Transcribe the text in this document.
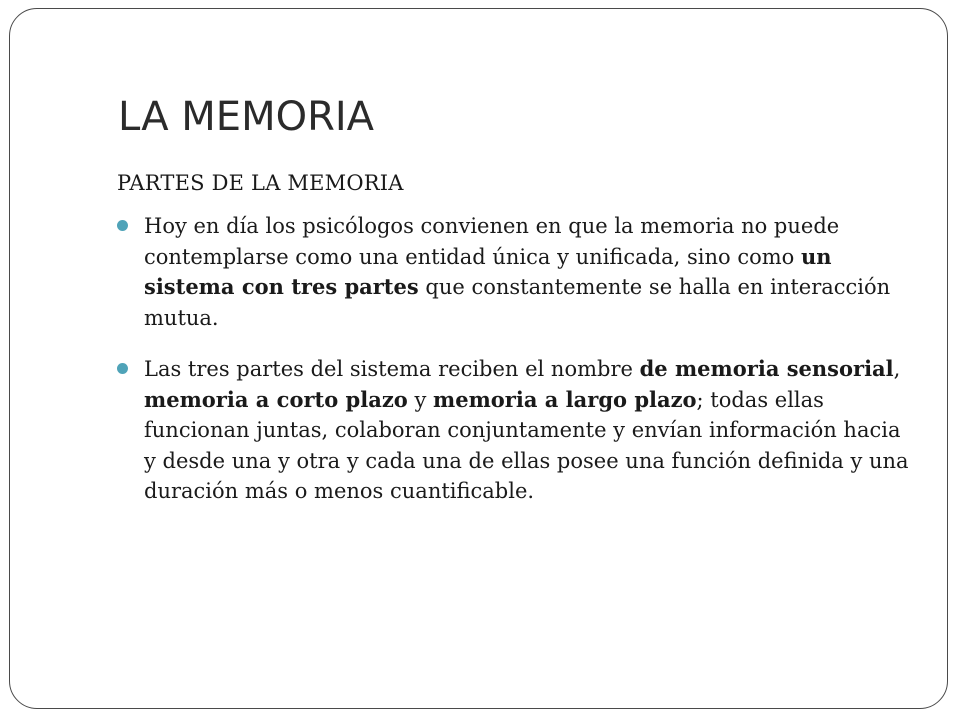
LA MEMORIA

PARTES DE LA MEMORIA

Hoy en día los psicólogos convienen en que la memoria no puede contemplarse como una entidad única y unificada, sino como un sistema con tres partes que constantemente se halla en interacción mutua.
Las tres partes del sistema reciben el nombre de memoria sensorial, memoria a corto plazo y memoria a largo plazo; todas ellas funcionan juntas, colaboran conjuntamente y envían información hacia y desde una y otra y cada una de ellas posee una función definida y una duración más o menos cuantificable.
